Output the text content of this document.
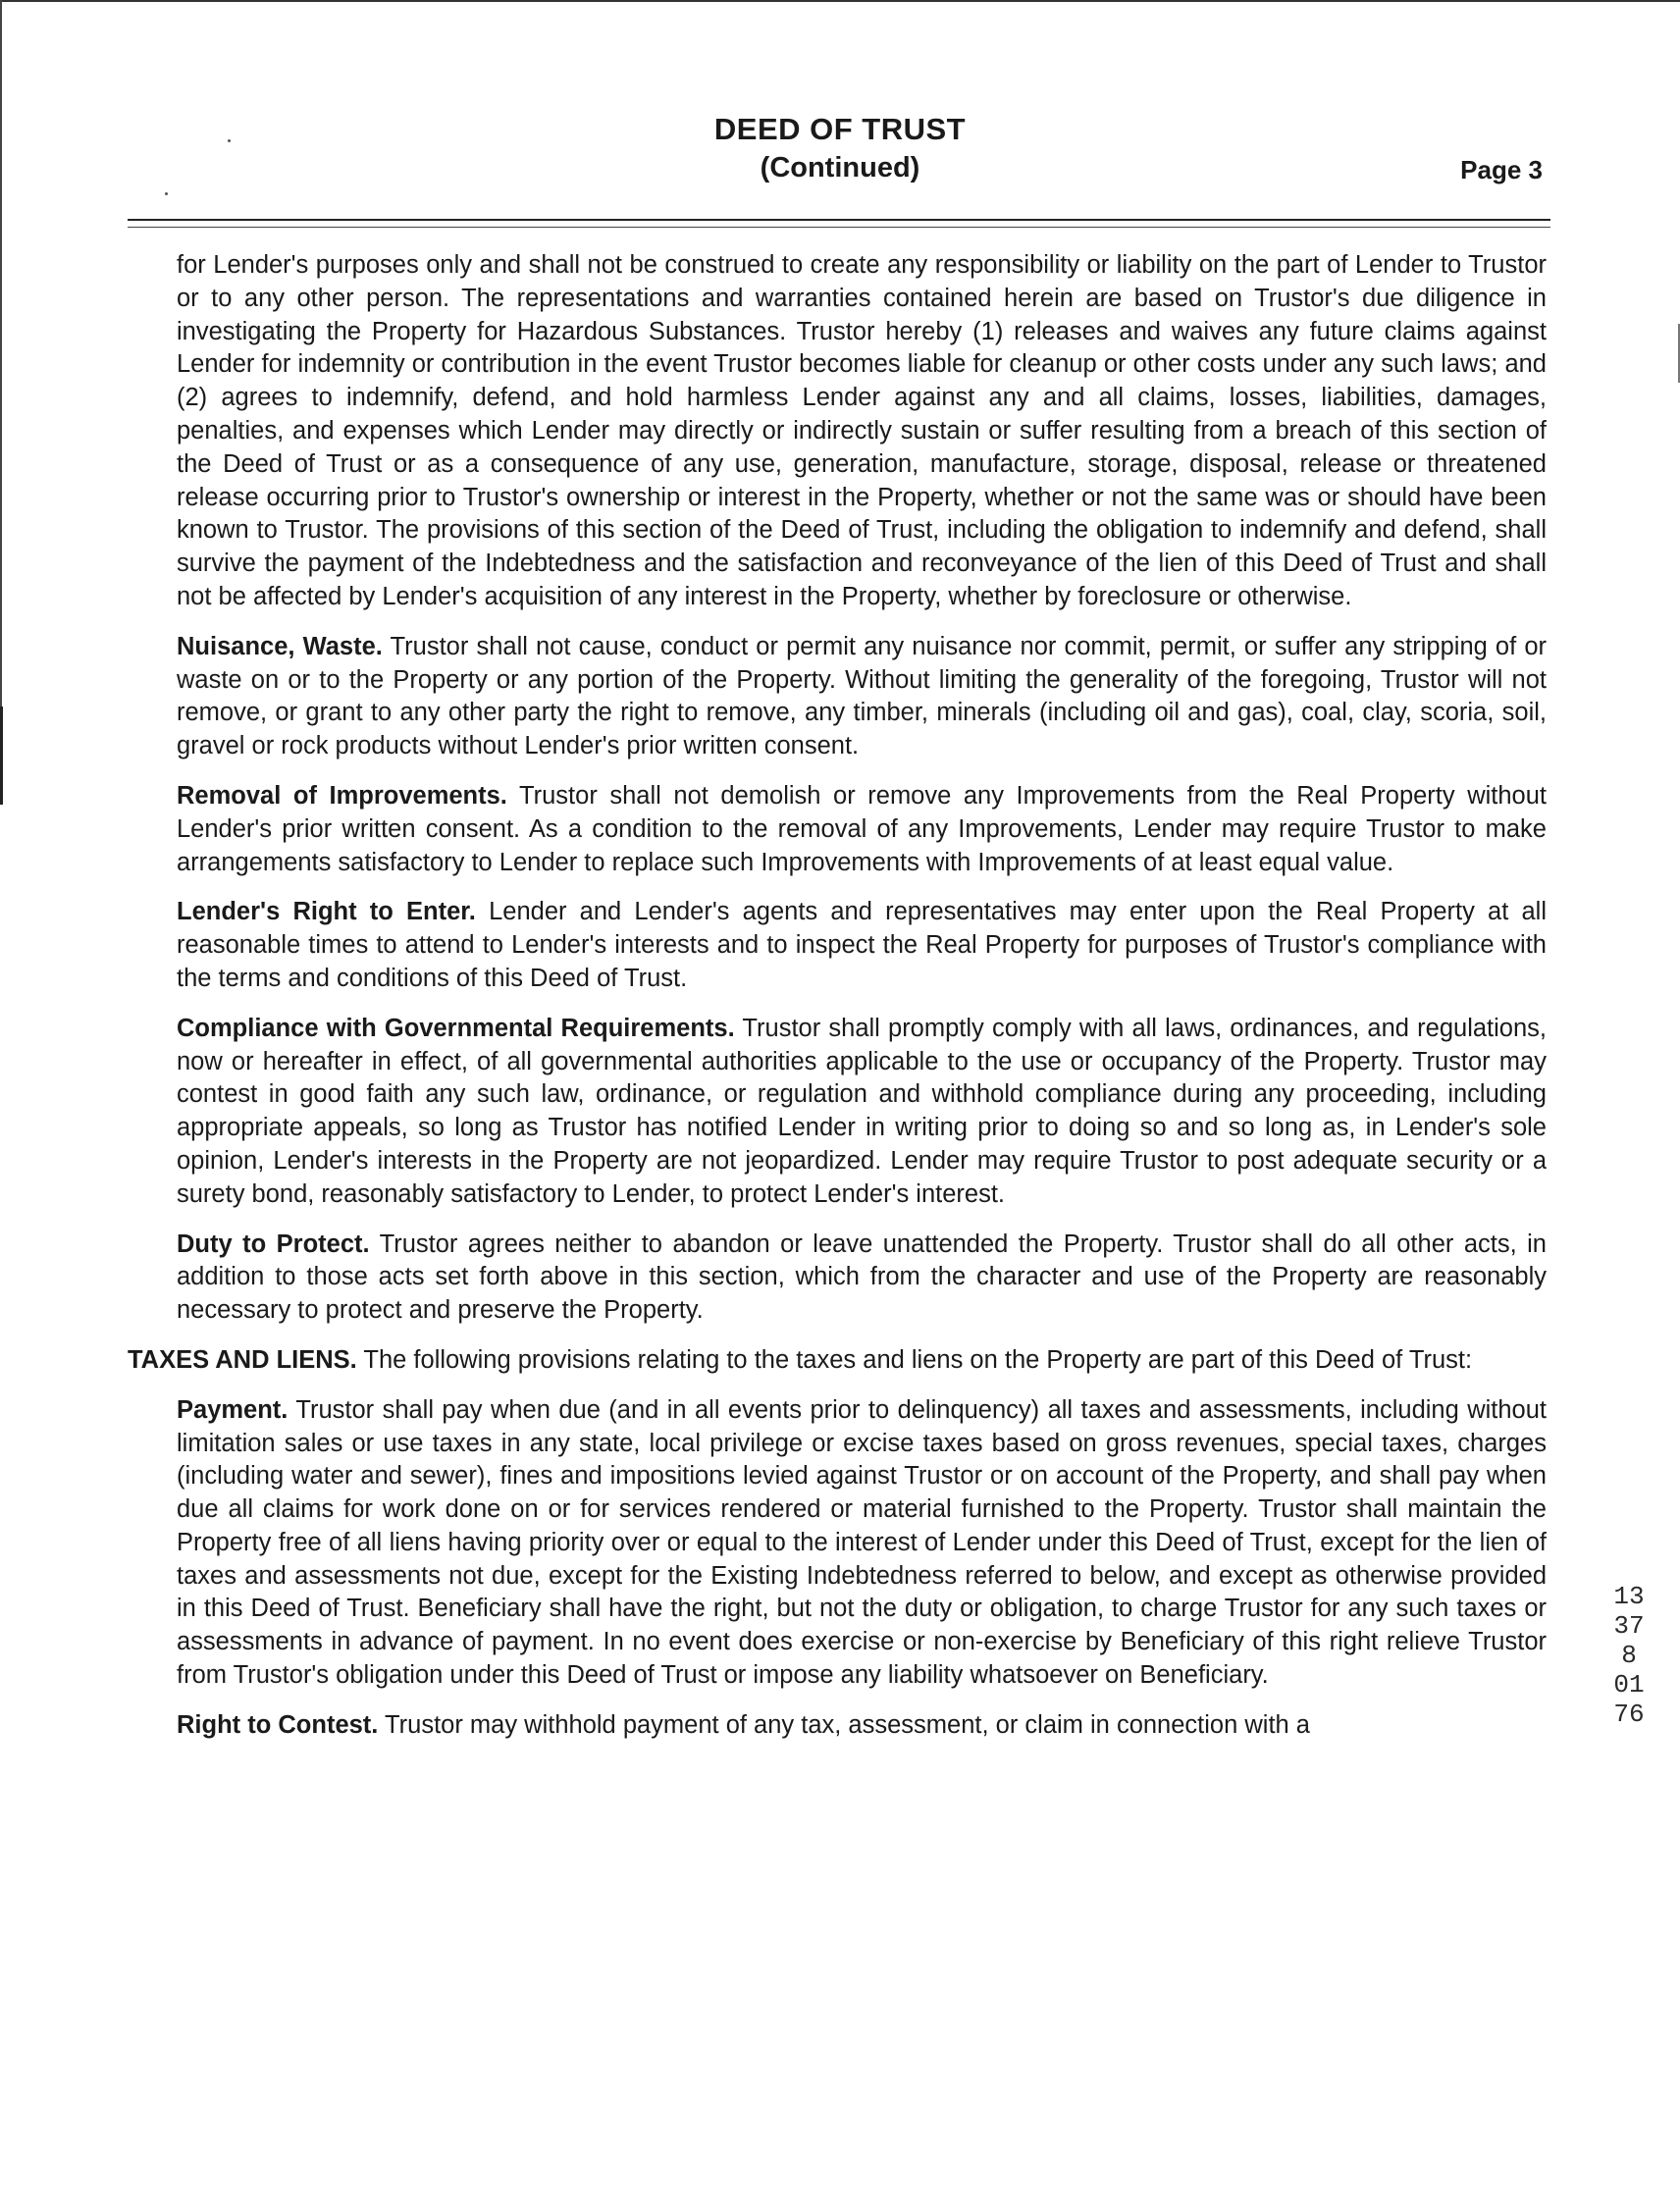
DEED OF TRUST
(Continued)	Page 3

for Lender's purposes only and shall not be construed to create any responsibility or liability on the part of Lender to Trustor or to any other person. The representations and warranties contained herein are based on Trustor's due diligence in investigating the Property for Hazardous Substances. Trustor hereby (1) releases and waives any future claims against Lender for indemnity or contribution in the event Trustor becomes liable for cleanup or other costs under any such laws; and (2) agrees to indemnify, defend, and hold harmless Lender against any and all claims, losses, liabilities, damages, penalties, and expenses which Lender may directly or indirectly sustain or suffer resulting from a breach of this section of the Deed of Trust or as a consequence of any use, generation, manufacture, storage, disposal, release or threatened release occurring prior to Trustor's ownership or interest in the Property, whether or not the same was or should have been known to Trustor. The provisions of this section of the Deed of Trust, including the obligation to indemnify and defend, shall survive the payment of the Indebtedness and the satisfaction and reconveyance of the lien of this Deed of Trust and shall not be affected by Lender's acquisition of any interest in the Property, whether by foreclosure or otherwise.

Nuisance, Waste. Trustor shall not cause, conduct or permit any nuisance nor commit, permit, or suffer any stripping of or waste on or to the Property or any portion of the Property. Without limiting the generality of the foregoing, Trustor will not remove, or grant to any other party the right to remove, any timber, minerals (including oil and gas), coal, clay, scoria, soil, gravel or rock products without Lender's prior written consent.

Removal of Improvements. Trustor shall not demolish or remove any Improvements from the Real Property without Lender's prior written consent. As a condition to the removal of any Improvements, Lender may require Trustor to make arrangements satisfactory to Lender to replace such Improvements with Improvements of at least equal value.

Lender's Right to Enter. Lender and Lender's agents and representatives may enter upon the Real Property at all reasonable times to attend to Lender's interests and to inspect the Real Property for purposes of Trustor's compliance with the terms and conditions of this Deed of Trust.

Compliance with Governmental Requirements. Trustor shall promptly comply with all laws, ordinances, and regulations, now or hereafter in effect, of all governmental authorities applicable to the use or occupancy of the Property. Trustor may contest in good faith any such law, ordinance, or regulation and withhold compliance during any proceeding, including appropriate appeals, so long as Trustor has notified Lender in writing prior to doing so and so long as, in Lender's sole opinion, Lender's interests in the Property are not jeopardized. Lender may require Trustor to post adequate security or a surety bond, reasonably satisfactory to Lender, to protect Lender's interest.

Duty to Protect. Trustor agrees neither to abandon or leave unattended the Property. Trustor shall do all other acts, in addition to those acts set forth above in this section, which from the character and use of the Property are reasonably necessary to protect and preserve the Property.

TAXES AND LIENS. The following provisions relating to the taxes and liens on the Property are part of this Deed of Trust:

Payment. Trustor shall pay when due (and in all events prior to delinquency) all taxes and assessments, including without limitation sales or use taxes in any state, local privilege or excise taxes based on gross revenues, special taxes, charges (including water and sewer), fines and impositions levied against Trustor or on account of the Property, and shall pay when due all claims for work done on or for services rendered or material furnished to the Property. Trustor shall maintain the Property free of all liens having priority over or equal to the interest of Lender under this Deed of Trust, except for the lien of taxes and assessments not due, except for the Existing Indebtedness referred to below, and except as otherwise provided in this Deed of Trust. Beneficiary shall have the right, but not the duty or obligation, to charge Trustor for any such taxes or assessments in advance of payment. In no event does exercise or non-exercise by Beneficiary of this right relieve Trustor from Trustor's obligation under this Deed of Trust or impose any liability whatsoever on Beneficiary.

Right to Contest. Trustor may withhold payment of any tax, assessment, or claim in connection with a

13378 0176
